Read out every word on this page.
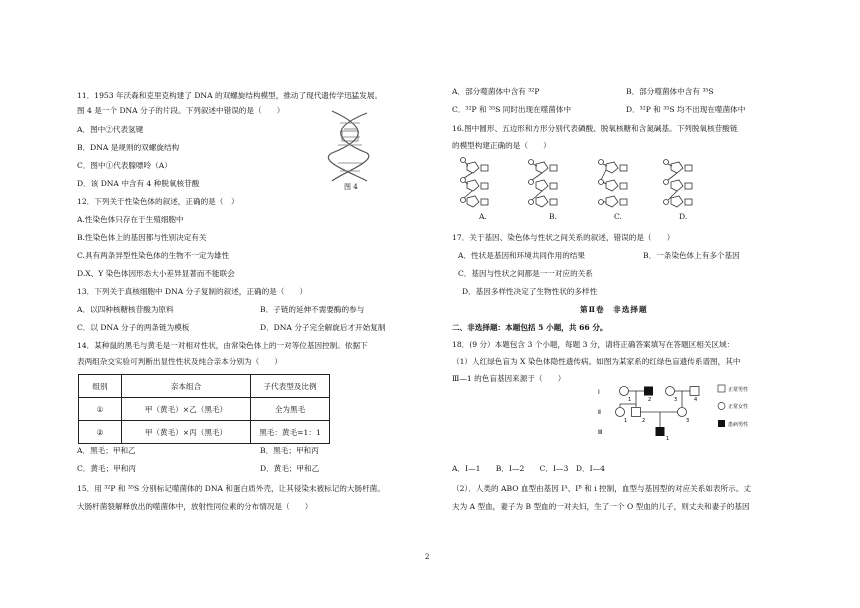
11．1953 年沃森和克里克构建了 DNA 的双螺旋结构模型，推动了现代遗传学迅猛发展。
图 4 是一个 DNA 分子的片段。下列叙述中错误的是（　　）
A．图中②代表氢键
B．DNA 是规则的双螺旋结构
C．图中①代表腺嘌呤（A）
D．该 DNA 中含有 4 种脱氧核苷酸	图 4
12．下列关于性染色体的叙述，正确的是（　）
A.性染色体只存在于生殖细胞中
B.性染色体上的基因都与性别决定有关
C.具有两条异型性染色体的生物不一定为雄性
D.X、Y 染色体因形态大小差异显著而不能联会
13．下列关于真核细胞中 DNA 分子复制的叙述，正确的是（　　）
A．以四种核糖核苷酸为原料	B．子链的延伸不需要酶的参与
C．以 DNA 分子的两条链为模板	D．DNA 分子完全解旋后才开始复制
14．某种鼠的黑毛与黄毛是一对相对性状，由常染色体上的一对等位基因控制。依据下
表两组杂交实验可判断出显性性状及纯合亲本分别为（　　）
组别	亲本组合	子代表型及比例
①	甲（黄毛）×乙（黑毛）	全为黑毛
②	甲（黄毛）×丙（黑毛）	黑毛：黄毛=1：1
A．黑毛；甲和乙	B．黑毛；甲和丙
C．黄毛；甲和丙	D．黄毛；甲和乙
15．用 ³²P 和 ³⁵S 分别标记噬菌体的 DNA 和蛋白质外壳，让其侵染未被标记的大肠杆菌。
大肠杆菌裂解释放出的噬菌体中，放射性同位素的分布情况是（　　）
A．部分噬菌体中含有 ³²P	B．部分噬菌体中含有 ³⁵S
C．³²P 和 ³⁵S 同时出现在噬菌体中	D．³²P 和 ³⁵S 均不出现在噬菌体中
16.图中圆形、五边形和方形分别代表磷酸、脱氧核糖和含氮碱基。下列脱氧核苷酸链
的模型构建正确的是（　　）
A.	B.	C.	D.
17．关于基因、染色体与性状之间关系的叙述，错误的是（　　）
A．性状是基因和环境共同作用的结果	B．一条染色体上有多个基因
C．基因与性状之间都是一一对应的关系
D．基因多样性决定了生物性状的多样性
第Ⅱ卷　非选择题
二、非选择题：本题包括 5 小题，共 66 分。
18．(9 分）本题包含 3 个小题，每题 3 分，请将正确答案填写在答题区相关区域：
（1）人红绿色盲为 X 染色体隐性遗传病。如图为某家系的红绿色盲遗传系谱图，其中
Ⅲ—1 的色盲基因来源于（　　）
Ⅰ
Ⅱ
Ⅲ
1	2	3	4
1	2	3
1
正常男性
正常女性
患病男性
A．Ⅰ—1　　B．Ⅰ—2　　C．Ⅰ—3　D．Ⅰ—4
（2）．人类的 ABO 血型由基因 Iᴬ、Iᴮ 和 i 控制，血型与基因型的对应关系如表所示。丈
夫为 A 型血，妻子为 B 型血的一对夫妇，生了一个 O 型血的儿子，则丈夫和妻子的基因
2
